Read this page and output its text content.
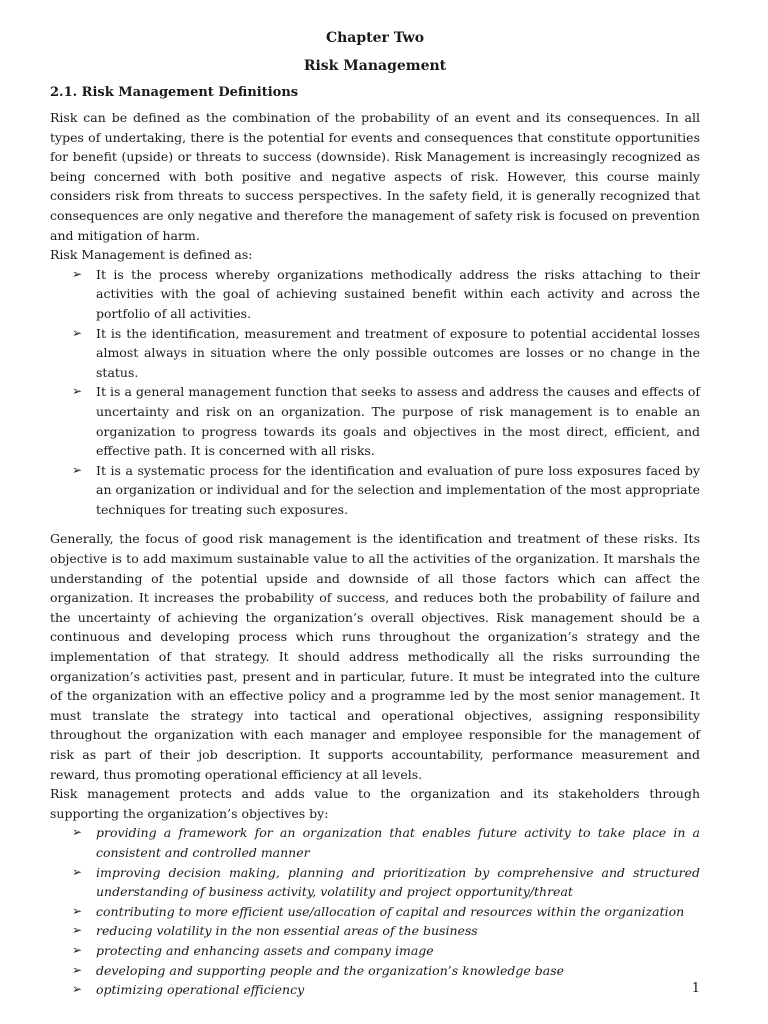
Chapter Two
Risk Management
2.1. Risk Management Definitions

Risk can be defined as the combination of the probability of an event and its consequences. In all types of undertaking, there is the potential for events and consequences that constitute opportunities for benefit (upside) or threats to success (downside). Risk Management is increasingly recognized as being concerned with both positive and negative aspects of risk. However, this course mainly considers risk from threats to success perspectives. In the safety field, it is generally recognized that consequences are only negative and therefore the management of safety risk is focused on prevention and mitigation of harm.

Risk Management is defined as:

➢ It is the process whereby organizations methodically address the risks attaching to their activities with the goal of achieving sustained benefit within each activity and across the portfolio of all activities.
➢ It is the identification, measurement and treatment of exposure to potential accidental losses almost always in situation where the only possible outcomes are losses or no change in the status.
➢ It is a general management function that seeks to assess and address the causes and effects of uncertainty and risk on an organization. The purpose of risk management is to enable an organization to progress towards its goals and objectives in the most direct, efficient, and effective path. It is concerned with all risks.
➢ It is a systematic process for the identification and evaluation of pure loss exposures faced by an organization or individual and for the selection and implementation of the most appropriate techniques for treating such exposures.

Generally, the focus of good risk management is the identification and treatment of these risks. Its objective is to add maximum sustainable value to all the activities of the organization. It marshals the understanding of the potential upside and downside of all those factors which can affect the organization. It increases the probability of success, and reduces both the probability of failure and the uncertainty of achieving the organization’s overall objectives. Risk management should be a continuous and developing process which runs throughout the organization’s strategy and the implementation of that strategy. It should address methodically all the risks surrounding the organization’s activities past, present and in particular, future. It must be integrated into the culture of the organization with an effective policy and a programme led by the most senior management. It must translate the strategy into tactical and operational objectives, assigning responsibility throughout the organization with each manager and employee responsible for the management of risk as part of their job description. It supports accountability, performance measurement and reward, thus promoting operational efficiency at all levels.

Risk management protects and adds value to the organization and its stakeholders through supporting the organization’s objectives by:

➢ providing a framework for an organization that enables future activity to take place in a consistent and controlled manner
➢ improving decision making, planning and prioritization by comprehensive and structured understanding of business activity, volatility and project opportunity/threat
➢ contributing to more efficient use/allocation of capital and resources within the organization
➢ reducing volatility in the non essential areas of the business
➢ protecting and enhancing assets and company image
➢ developing and supporting people and the organization’s knowledge base
➢ optimizing operational efficiency	1
